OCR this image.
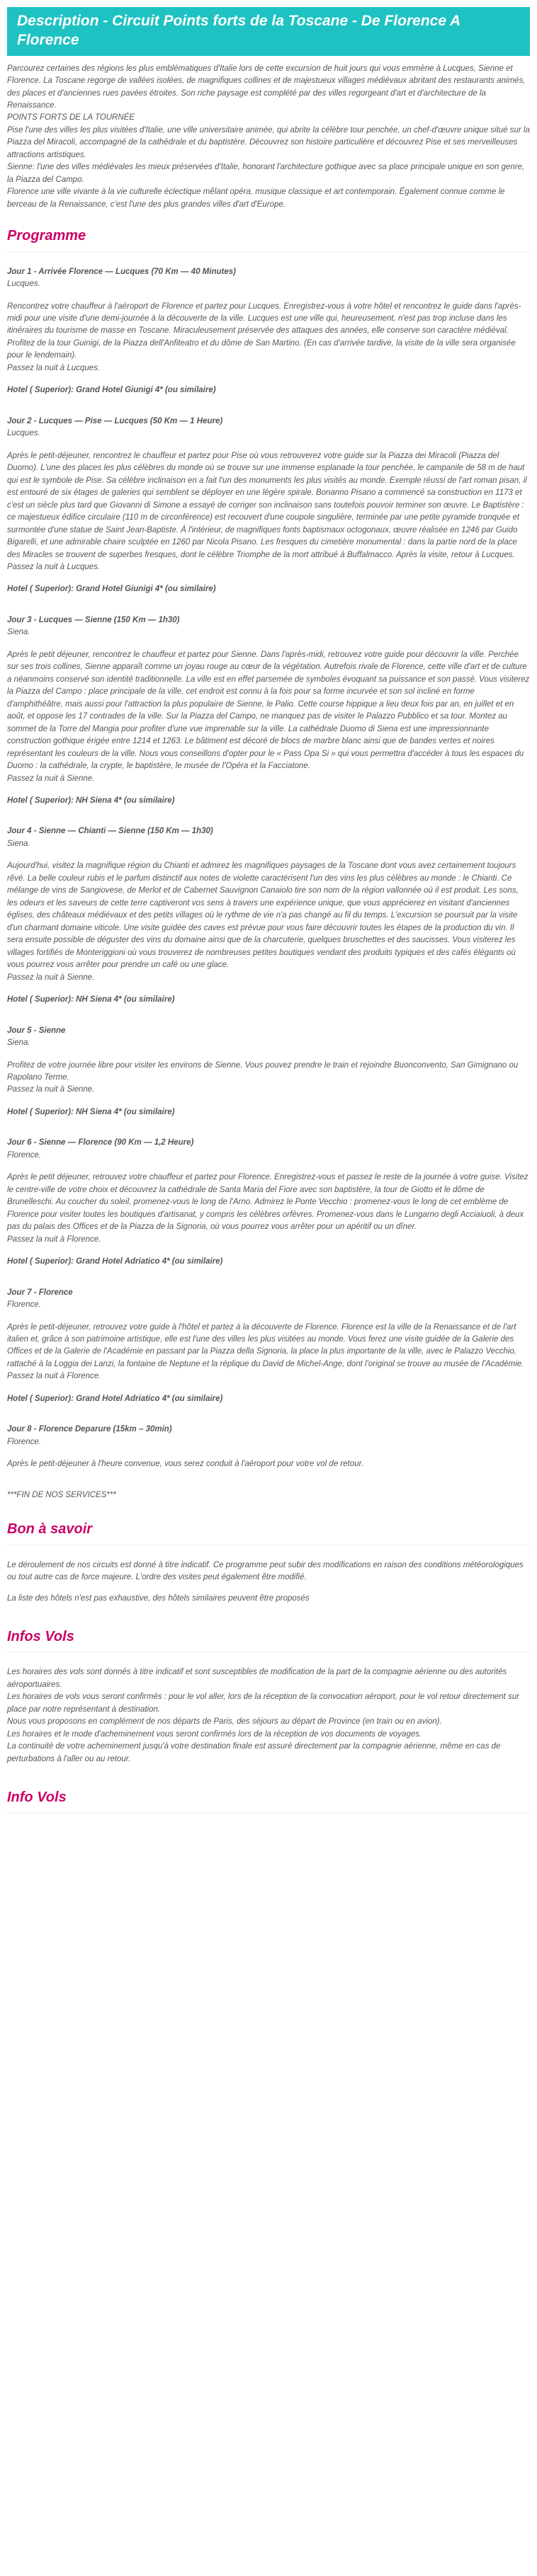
Description - Circuit Points forts de la Toscane - De Florence A Florence

Parcourez certaines des régions les plus emblématiques d'Italie lors de cette excursion de huit jours qui vous emmène à Lucques, Sienne et Florence. La Toscane regorge de vallées isolées, de magnifiques collines et de majestueux villages médiévaux abritant des restaurants animés, des places et d'anciennes rues pavées étroites. Son riche paysage est complété par des villes regorgeant d'art et d'architecture de la Renaissance.

POINTS FORTS DE LA TOURNÉE

Pise l'une des villes les plus visitées d'Italie, une ville universitaire animée, qui abrite la célèbre tour penchée, un chef-d'œuvre unique situé sur la Piazza del Miracoli, accompagné de la cathédrale et du baptistère. Découvrez son histoire particulière et découvrez Pise et ses merveilleuses attractions artistiques.

Sienne: l'une des villes médiévales les mieux préservées d'Italie, honorant l'architecture gothique avec sa place principale unique en son genre, la Piazza del Campo.

Florence une ville vivante à la vie culturelle éclectique mêlant opéra, musique classique et art contemporain. Également connue comme le berceau de la Renaissance, c'est l'une des plus grandes villes d'art d'Europe.

Programme

Jour 1 - Arrivée Florence — Lucques (70 Km — 40 Minutes)

Lucques.

Rencontrez votre chauffeur à l'aéroport de Florence et partez pour Lucques. Enregistrez-vous à votre hôtel et rencontrez le guide dans l'après-midi pour une visite d'une demi-journée à la découverte de la ville. Lucques est une ville qui, heureusement, n'est pas trop incluse dans les itinéraires du tourisme de masse en Toscane. Miraculeusement préservée des attaques des années, elle conserve son caractère médiéval. Profitez de la tour Guinigi, de la Piazza dell'Anfiteatro et du dôme de San Martino. (En cas d'arrivée tardive, la visite de la ville sera organisée pour le lendemain).

Passez la nuit à Lucques.

Hotel ( Superior): Grand Hotel Giunigi 4* (ou similaire)

Jour 2 - Lucques — Pise — Lucques (50 Km — 1 Heure)

Lucques.

Après le petit-déjeuner, rencontrez le chauffeur et partez pour Pise où vous retrouverez votre guide sur la Piazza dei Miracoli (Piazza del Duomo). L'une des places les plus célèbres du monde où se trouve sur une immense esplanade la tour penchée, le campanile de 58 m de haut qui est le symbole de Pise. Sa célèbre inclinaison en a fait l'un des monuments les plus visités au monde. Exemple réussi de l'art roman pisan, il est entouré de six étages de galeries qui semblent se déployer en une légère spirale. Bonanno Pisano a commencé sa construction en 1173 et c'est un siècle plus tard que Giovanni di Simone a essayé de corriger son inclinaison sans toutefois pouvoir terminer son œuvre. Le Baptistère : ce majestueux édifice circulaire (110 m de circonférence) est recouvert d'une coupole singulière, terminée par une petite pyramide tronquée et surmontée d'une statue de Saint Jean-Baptiste. À l'intérieur, de magnifiques fonts baptismaux octogonaux, œuvre réalisée en 1246 par Guido Bigarelli, et une admirable chaire sculptée en 1260 par Nicola Pisano. Les fresques du cimetière monumental : dans la partie nord de la place des Miracles se trouvent de superbes fresques, dont le célèbre Triomphe de la mort attribué à Buffalmacco. Après la visite, retour à Lucques.

Passez la nuit à Lucques.

Hotel ( Superior): Grand Hotel Giunigi 4* (ou similaire)

Jour 3 - Lucques — Sienne (150 Km — 1h30)

Siena.

Après le petit déjeuner, rencontrez le chauffeur et partez pour Sienne. Dans l'après-midi, retrouvez votre guide pour découvrir la ville. Perchée sur ses trois collines, Sienne apparaît comme un joyau rouge au cœur de la végétation. Autrefois rivale de Florence, cette ville d'art et de culture a néanmoins conservé son identité traditionnelle. La ville est en effet parsemée de symboles évoquant sa puissance et son passé. Vous visiterez la Piazza del Campo : place principale de la ville, cet endroit est connu à la fois pour sa forme incurvée et son sol incliné en forme d'amphithéâtre, mais aussi pour l'attraction la plus populaire de Sienne, le Palio. Cette course hippique a lieu deux fois par an, en juillet et en août, et oppose les 17 contrades de la ville. Sur la Piazza del Campo, ne manquez pas de visiter le Palazzo Pubblico et sa tour. Montez au sommet de la Torre del Mangia pour profiter d'une vue imprenable sur la ville. La cathédrale Duomo di Siena est une impressionnante construction gothique érigée entre 1214 et 1263. Le bâtiment est décoré de blocs de marbre blanc ainsi que de bandes vertes et noires représentant les couleurs de la ville. Nous vous conseillons d'opter pour le « Pass Opa Si » qui vous permettra d'accéder à tous les espaces du Duomo : la cathédrale, la crypte, le baptistère, le musée de l'Opéra et la Facciatone.

Passez la nuit à Sienne.

Hotel ( Superior): NH Siena 4* (ou similaire)

Jour 4 - Sienne — Chianti — Sienne (150 Km — 1h30)

Siena.

Aujourd'hui, visitez la magnifique région du Chianti et admirez les magnifiques paysages de la Toscane dont vous avez certainement toujours rêvé. La belle couleur rubis et le parfum distinctif aux notes de violette caractérisent l'un des vins les plus célèbres au monde : le Chianti. Ce mélange de vins de Sangiovese, de Merlot et de Cabernet Sauvignon Canaiolo tire son nom de la région vallonnée où il est produit. Les sons, les odeurs et les saveurs de cette terre captiveront vos sens à travers une expérience unique, que vous apprécierez en visitant d'anciennes églises, des châteaux médiévaux et des petits villages où le rythme de vie n'a pas changé au fil du temps. L'excursion se poursuit par la visite d'un charmant domaine viticole. Une visite guidée des caves est prévue pour vous faire découvrir toutes les étapes de la production du vin. Il sera ensuite possible de déguster des vins du domaine ainsi que de la charcuterie, quelques bruschettes et des saucisses. Vous visiterez les villages fortifiés de Monteriggioni où vous trouverez de nombreuses petites boutiques vendant des produits typiques et des cafés élégants où vous pourrez vous arrêter pour prendre un café ou une glace.

Passez la nuit à Sienne.

Hotel ( Superior): NH Siena 4* (ou similaire)

Jour 5 - Sienne

Siena.

Profitez de votre journée libre pour visiter les environs de Sienne. Vous pouvez prendre le train et rejoindre Buonconvento, San Gimignano ou Rapolano Terme.

Passez la nuit à Sienne.

Hotel ( Superior): NH Siena 4* (ou similaire)

Jour 6 - Sienne — Florence (90 Km — 1,2 Heure)

Florence.

Après le petit déjeuner, retrouvez votre chauffeur et partez pour Florence. Enregistrez-vous et passez le reste de la journée à votre guise. Visitez le centre-ville de votre choix et découvrez la cathédrale de Santa Maria del Fiore avec son baptistère, la tour de Giotto et le dôme de Brunelleschi. Au coucher du soleil, promenez-vous le long de l'Arno. Admirez le Ponte Vecchio : promenez-vous le long de cet emblème de Florence pour visiter toutes les boutiques d'artisanat, y compris les célèbres orfèvres. Promenez-vous dans le Lungarno degli Acciaiuoli, à deux pas du palais des Offices et de la Piazza de la Signoria, où vous pourrez vous arrêter pour un apéritif ou un dîner.

Passez la nuit à Florence.

Hotel ( Superior): Grand Hotel Adriatico 4* (ou similaire)

Jour 7 - Florence

Florence.

Après le petit-déjeuner, retrouvez votre guide à l'hôtel et partez à la découverte de Florence. Florence est la ville de la Renaissance et de l'art italien et, grâce à son patrimoine artistique, elle est l'une des villes les plus visitées au monde. Vous ferez une visite guidée de la Galerie des Offices et de la Galerie de l'Académie en passant par la Piazza della Signoria, la place la plus importante de la ville, avec le Palazzo Vecchio, rattaché à la Loggia dei Lanzi, la fontaine de Neptune et la réplique du David de Michel-Ange, dont l'original se trouve au musée de l'Académie.

Passez la nuit à Florence.

Hotel ( Superior): Grand Hotel Adriatico 4* (ou similaire)

Jour 8 - Florence Deparure (15km – 30min)

Florence.

Après le petit-déjeuner à l'heure convenue, vous serez conduit à l'aéroport pour votre vol de retour.

***FIN DE NOS SERVICES***

Bon à savoir

Le déroulement de nos circuits est donné à titre indicatif. Ce programme peut subir des modifications en raison des conditions météorologiques ou tout autre cas de force majeure. L'ordre des visites peut également être modifié.

La liste des hôtels n'est pas exhaustive, des hôtels similaires peuvent être proposés

Infos Vols

Les horaires des vols sont donnés à titre indicatif et sont susceptibles de modification de la part de la compagnie aérienne ou des autorités aéroportuaires.

Les horaires de vols vous seront confirmés : pour le vol aller, lors de la réception de la convocation aéroport, pour le vol retour directement sur place par notre représentant à destination.

Nous vous proposons en complément de nos départs de Paris, des séjours au départ de Province (en train ou en avion).

Les horaires et le mode d'acheminement vous seront confirmés lors de la réception de vos documents de voyages.

La continuité de votre acheminement jusqu'à votre destination finale est assuré directement par la compagnie aérienne, même en cas de perturbations à l'aller ou au retour.

Info Vols
